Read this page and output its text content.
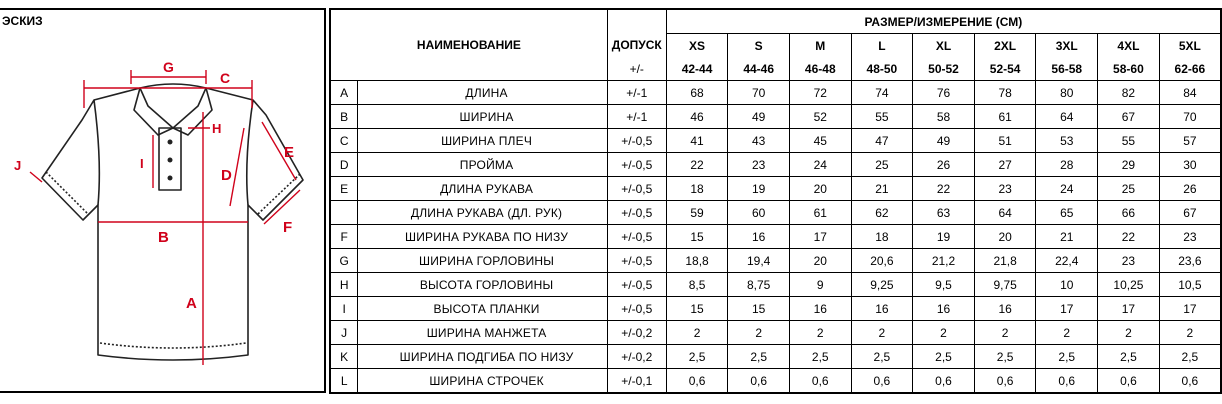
ЭСКИЗ
G
C
B
A
D
E
F
H
I
J
НАИМЕНОВАНИЕ			РАЗМЕР/ИЗМЕРЕНИЕ (СМ)								
		ДОПУСК	XS	S	M	L	XL	2XL	3XL	4XL	5XL
		+/-	42-44	44-46	46-48	48-50	50-52	52-54	56-58	58-60	62-66
A	ДЛИНА	+/-1	68	70	72	74	76	78	80	82	84
B	ШИРИНА	+/-1	46	49	52	55	58	61	64	67	70
C	ШИРИНА ПЛЕЧ	+/-0,5	41	43	45	47	49	51	53	55	57
D	ПРОЙМА	+/-0,5	22	23	24	25	26	27	28	29	30
E	ДЛИНА РУКАВА	+/-0,5	18	19	20	21	22	23	24	25	26
	ДЛИНА РУКАВА (ДЛ. РУК)	+/-0,5	59	60	61	62	63	64	65	66	67
F	ШИРИНА РУКАВА ПО НИЗУ	+/-0,5	15	16	17	18	19	20	21	22	23
G	ШИРИНА ГОРЛОВИНЫ	+/-0,5	18,8	19,4	20	20,6	21,2	21,8	22,4	23	23,6
H	ВЫСОТА ГОРЛОВИНЫ	+/-0,5	8,5	8,75	9	9,25	9,5	9,75	10	10,25	10,5
I	ВЫСОТА ПЛАНКИ	+/-0,5	15	15	16	16	16	16	17	17	17
J	ШИРИНА МАНЖЕТА	+/-0,2	2	2	2	2	2	2	2	2	2
K	ШИРИНА ПОДГИБА ПО НИЗУ	+/-0,2	2,5	2,5	2,5	2,5	2,5	2,5	2,5	2,5	2,5
L	ШИРИНА СТРОЧЕК	+/-0,1	0,6	0,6	0,6	0,6	0,6	0,6	0,6	0,6	0,6
